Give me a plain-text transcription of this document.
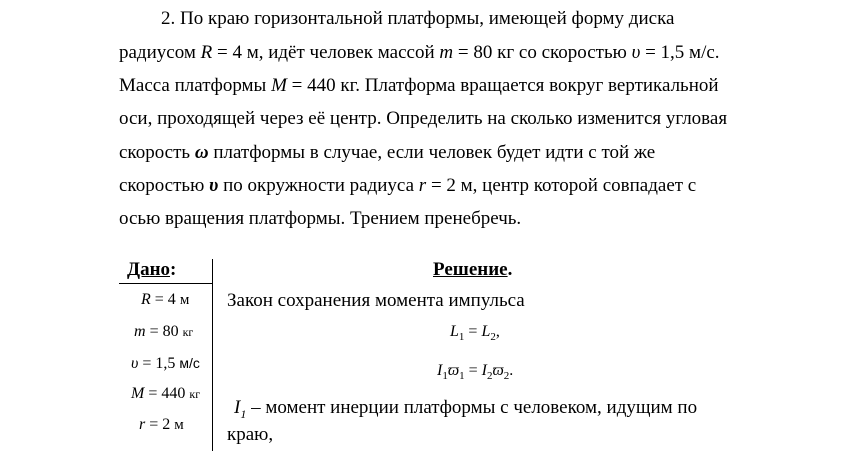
2. По краю горизонтальной платформы, имеющей форму диска
радиусом R = 4 м, идёт человек массой m = 80 кг со скоростью υ = 1,5 м/с.
Масса платформы M = 440 кг. Платформа вращается вокруг вертикальной
оси, проходящей через её центр. Определить на сколько изменится угловая
скорость ω платформы в случае, если человек будет идти с той же
скоростью υ по окружности радиуса r = 2 м, центр которой совпадает с
осью вращения платформы. Трением пренебречь.
Дано:
R = 4 м
m = 80 кг
υ = 1,5 м/с
M = 440 кг
r = 2 м
Решение.
Закон сохранения момента импульса
$L_1 = L_2$,
$I_1ϖ_1 = I_2ϖ_2$.
$I_1$ – момент инерции платформы с человеком, идущим по
краю,
